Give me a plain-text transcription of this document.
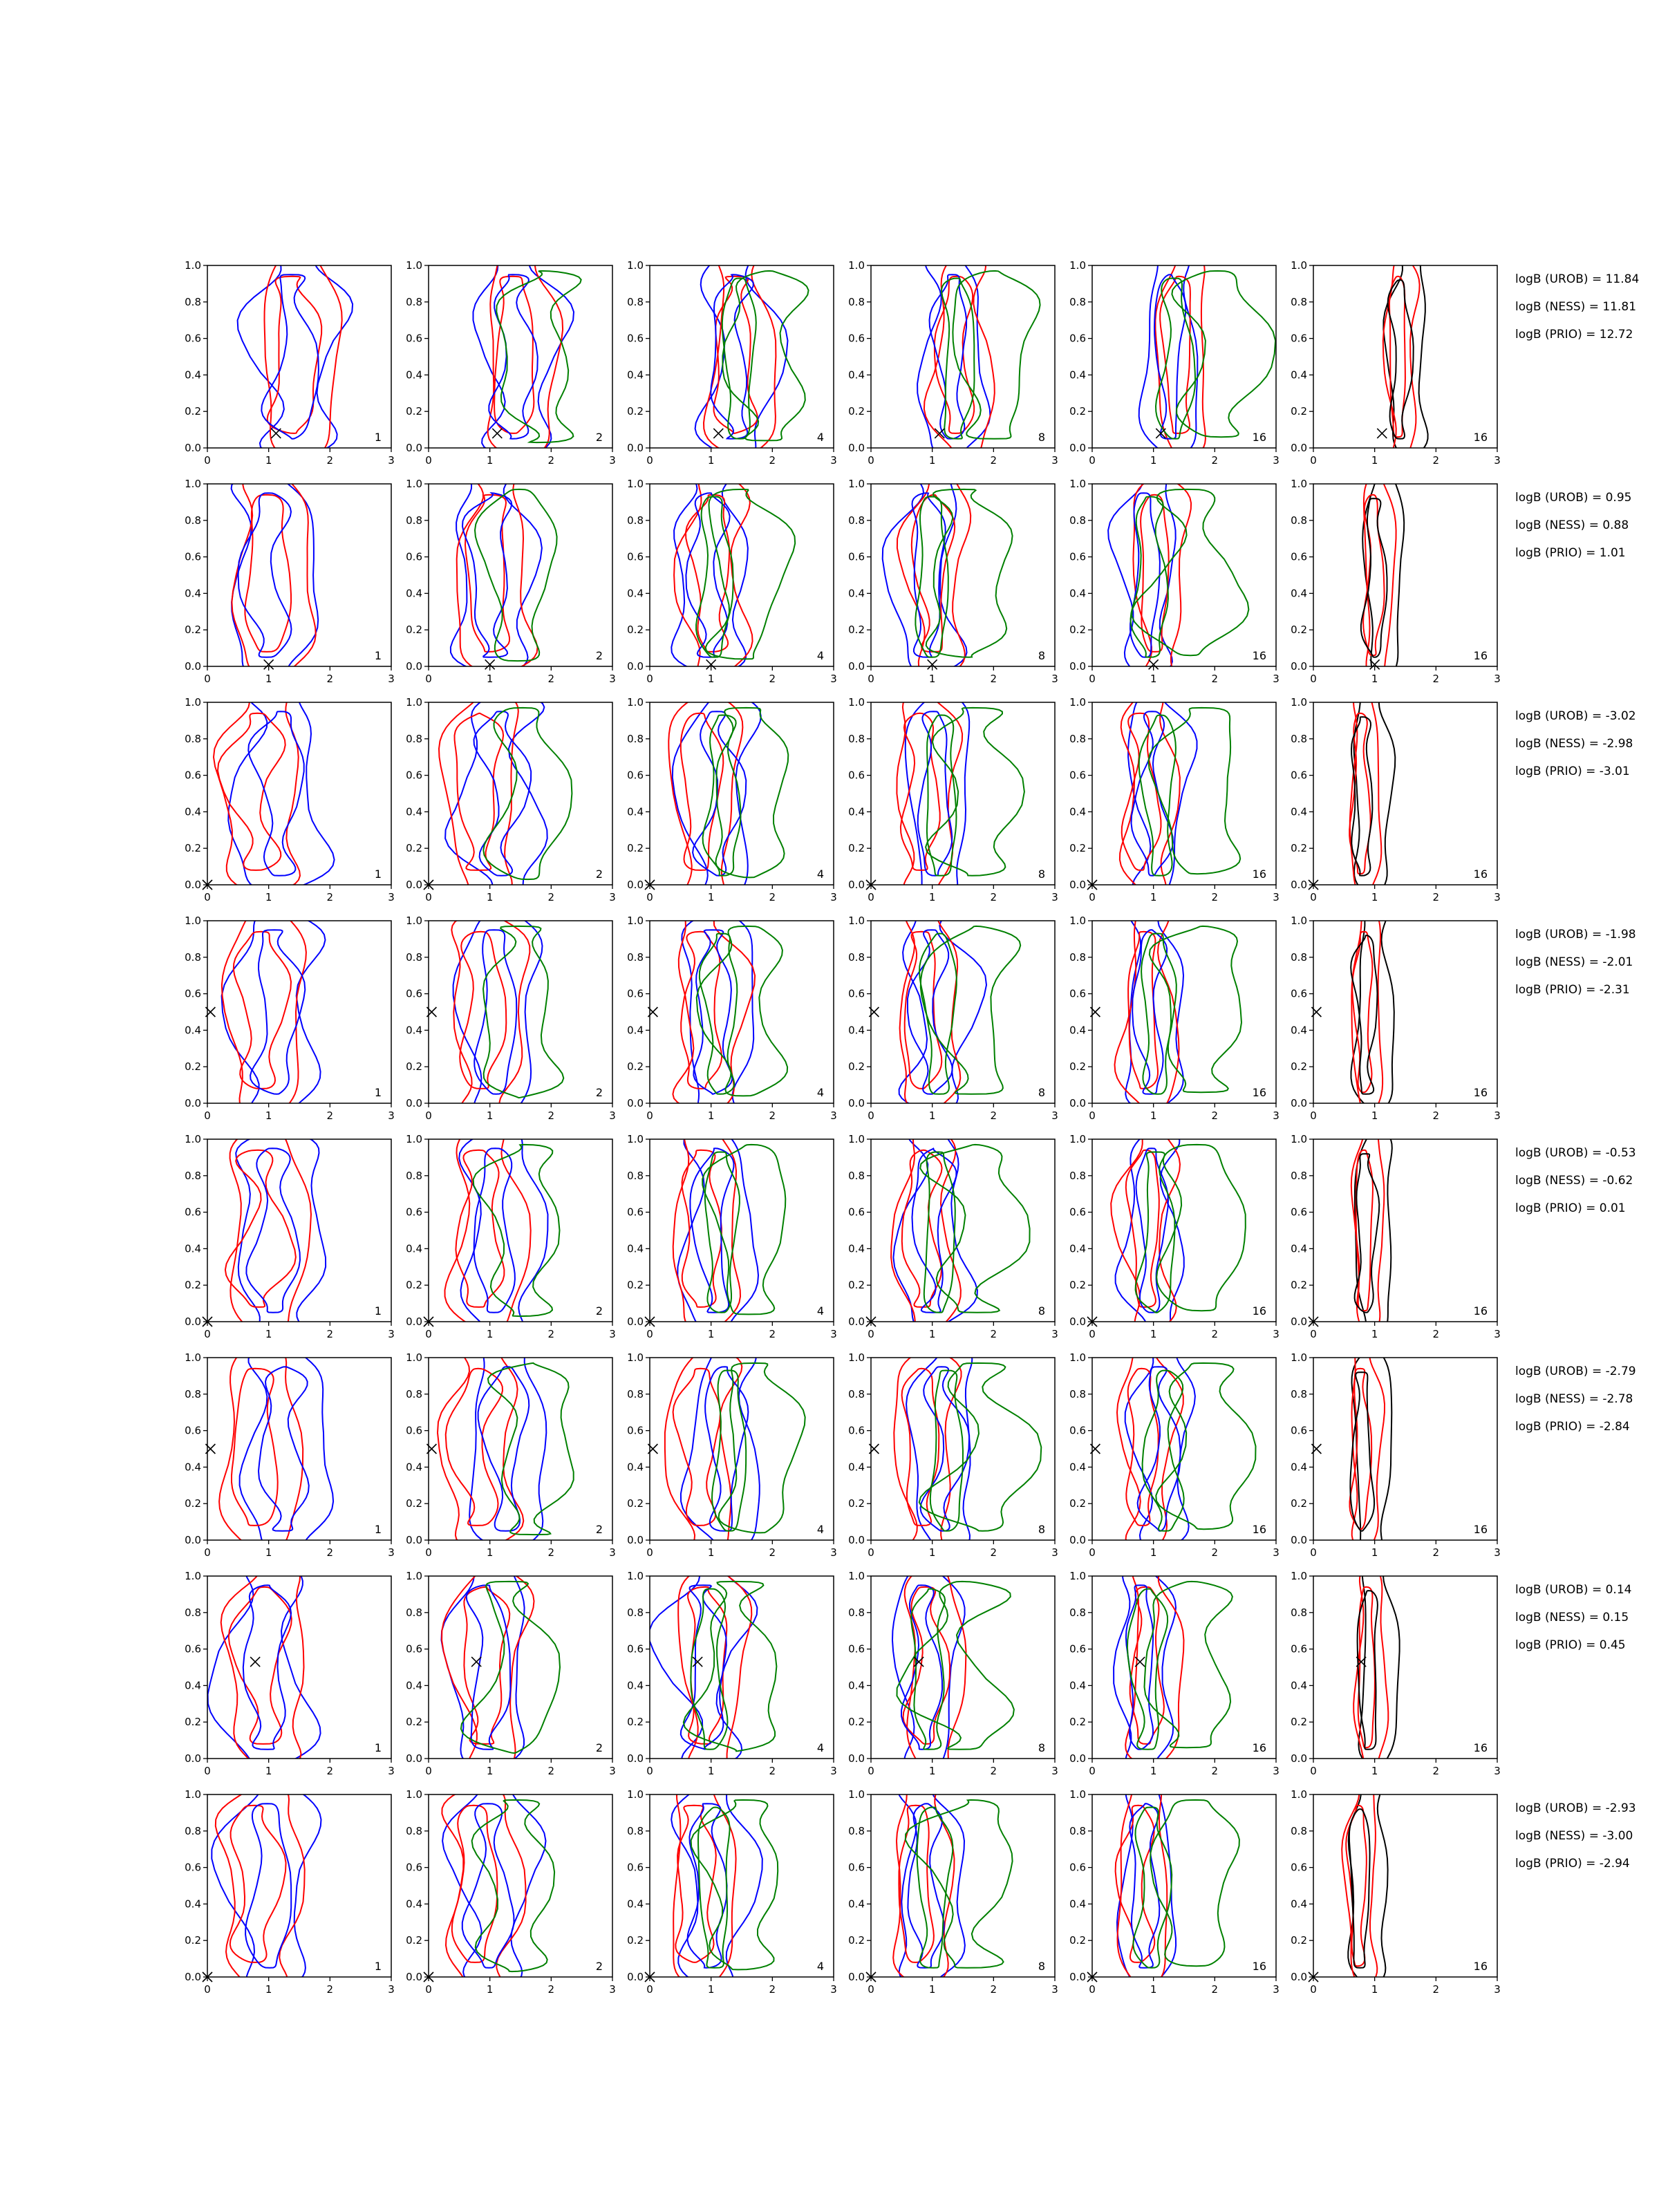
0.0
0.2
0.4
0.6
0.8
1.0
0	1	2	3
1
0.0
0.2
0.4
0.6
0.8
1.0
0	1	2	3
2
0.0
0.2
0.4
0.6
0.8
1.0
0	1	2	3
4
0.0
0.2
0.4
0.6
0.8
1.0
0	1	2	3
8
0.0
0.2
0.4
0.6
0.8
1.0
0	1	2	3
16
0.0
0.2
0.4
0.6
0.8
1.0
0	1	2	3
16
logB (UROB) = 11.84
logB (NESS) = 11.81
logB (PRIO) = 12.72
0.0
0.2
0.4
0.6
0.8
1.0
0	1	2	3
1
0.0
0.2
0.4
0.6
0.8
1.0
0	1	2	3
2
0.0
0.2
0.4
0.6
0.8
1.0
0	1	2	3
4
0.0
0.2
0.4
0.6
0.8
1.0
0	1	2	3
8
0.0
0.2
0.4
0.6
0.8
1.0
0	1	2	3
16
0.0
0.2
0.4
0.6
0.8
1.0
0	1	2	3
16
logB (UROB) = 0.95
logB (NESS) = 0.88
logB (PRIO) = 1.01
0.0
0.2
0.4
0.6
0.8
1.0
0	1	2	3
1
0.0
0.2
0.4
0.6
0.8
1.0
0	1	2	3
2
0.0
0.2
0.4
0.6
0.8
1.0
0	1	2	3
4
0.0
0.2
0.4
0.6
0.8
1.0
0	1	2	3
8
0.0
0.2
0.4
0.6
0.8
1.0
0	1	2	3
16
0.0
0.2
0.4
0.6
0.8
1.0
0	1	2	3
16
logB (UROB) = -3.02
logB (NESS) = -2.98
logB (PRIO) = -3.01
0.0
0.2
0.4
0.6
0.8
1.0
0	1	2	3
1
0.0
0.2
0.4
0.6
0.8
1.0
0	1	2	3
2
0.0
0.2
0.4
0.6
0.8
1.0
0	1	2	3
4
0.0
0.2
0.4
0.6
0.8
1.0
0	1	2	3
8
0.0
0.2
0.4
0.6
0.8
1.0
0	1	2	3
16
0.0
0.2
0.4
0.6
0.8
1.0
0	1	2	3
16
logB (UROB) = -1.98
logB (NESS) = -2.01
logB (PRIO) = -2.31
0.0
0.2
0.4
0.6
0.8
1.0
0	1	2	3
1
0.0
0.2
0.4
0.6
0.8
1.0
0	1	2	3
2
0.0
0.2
0.4
0.6
0.8
1.0
0	1	2	3
4
0.0
0.2
0.4
0.6
0.8
1.0
0	1	2	3
8
0.0
0.2
0.4
0.6
0.8
1.0
0	1	2	3
16
0.0
0.2
0.4
0.6
0.8
1.0
0	1	2	3
16
logB (UROB) = -0.53
logB (NESS) = -0.62
logB (PRIO) = 0.01
0.0
0.2
0.4
0.6
0.8
1.0
0	1	2	3
1
0.0
0.2
0.4
0.6
0.8
1.0
0	1	2	3
2
0.0
0.2
0.4
0.6
0.8
1.0
0	1	2	3
4
0.0
0.2
0.4
0.6
0.8
1.0
0	1	2	3
8
0.0
0.2
0.4
0.6
0.8
1.0
0	1	2	3
16
0.0
0.2
0.4
0.6
0.8
1.0
0	1	2	3
16
logB (UROB) = -2.79
logB (NESS) = -2.78
logB (PRIO) = -2.84
0.0
0.2
0.4
0.6
0.8
1.0
0	1	2	3
1
0.0
0.2
0.4
0.6
0.8
1.0
0	1	2	3
2
0.0
0.2
0.4
0.6
0.8
1.0
0	1	2	3
4
0.0
0.2
0.4
0.6
0.8
1.0
0	1	2	3
8
0.0
0.2
0.4
0.6
0.8
1.0
0	1	2	3
16
0.0
0.2
0.4
0.6
0.8
1.0
0	1	2	3
16
logB (UROB) = 0.14
logB (NESS) = 0.15
logB (PRIO) = 0.45
0.0
0.2
0.4
0.6
0.8
1.0
0	1	2	3
1
0.0
0.2
0.4
0.6
0.8
1.0
0	1	2	3
2
0.0
0.2
0.4
0.6
0.8
1.0
0	1	2	3
4
0.0
0.2
0.4
0.6
0.8
1.0
0	1	2	3
8
0.0
0.2
0.4
0.6
0.8
1.0
0	1	2	3
16
0.0
0.2
0.4
0.6
0.8
1.0
0	1	2	3
16
logB (UROB) = -2.93
logB (NESS) = -3.00
logB (PRIO) = -2.94
